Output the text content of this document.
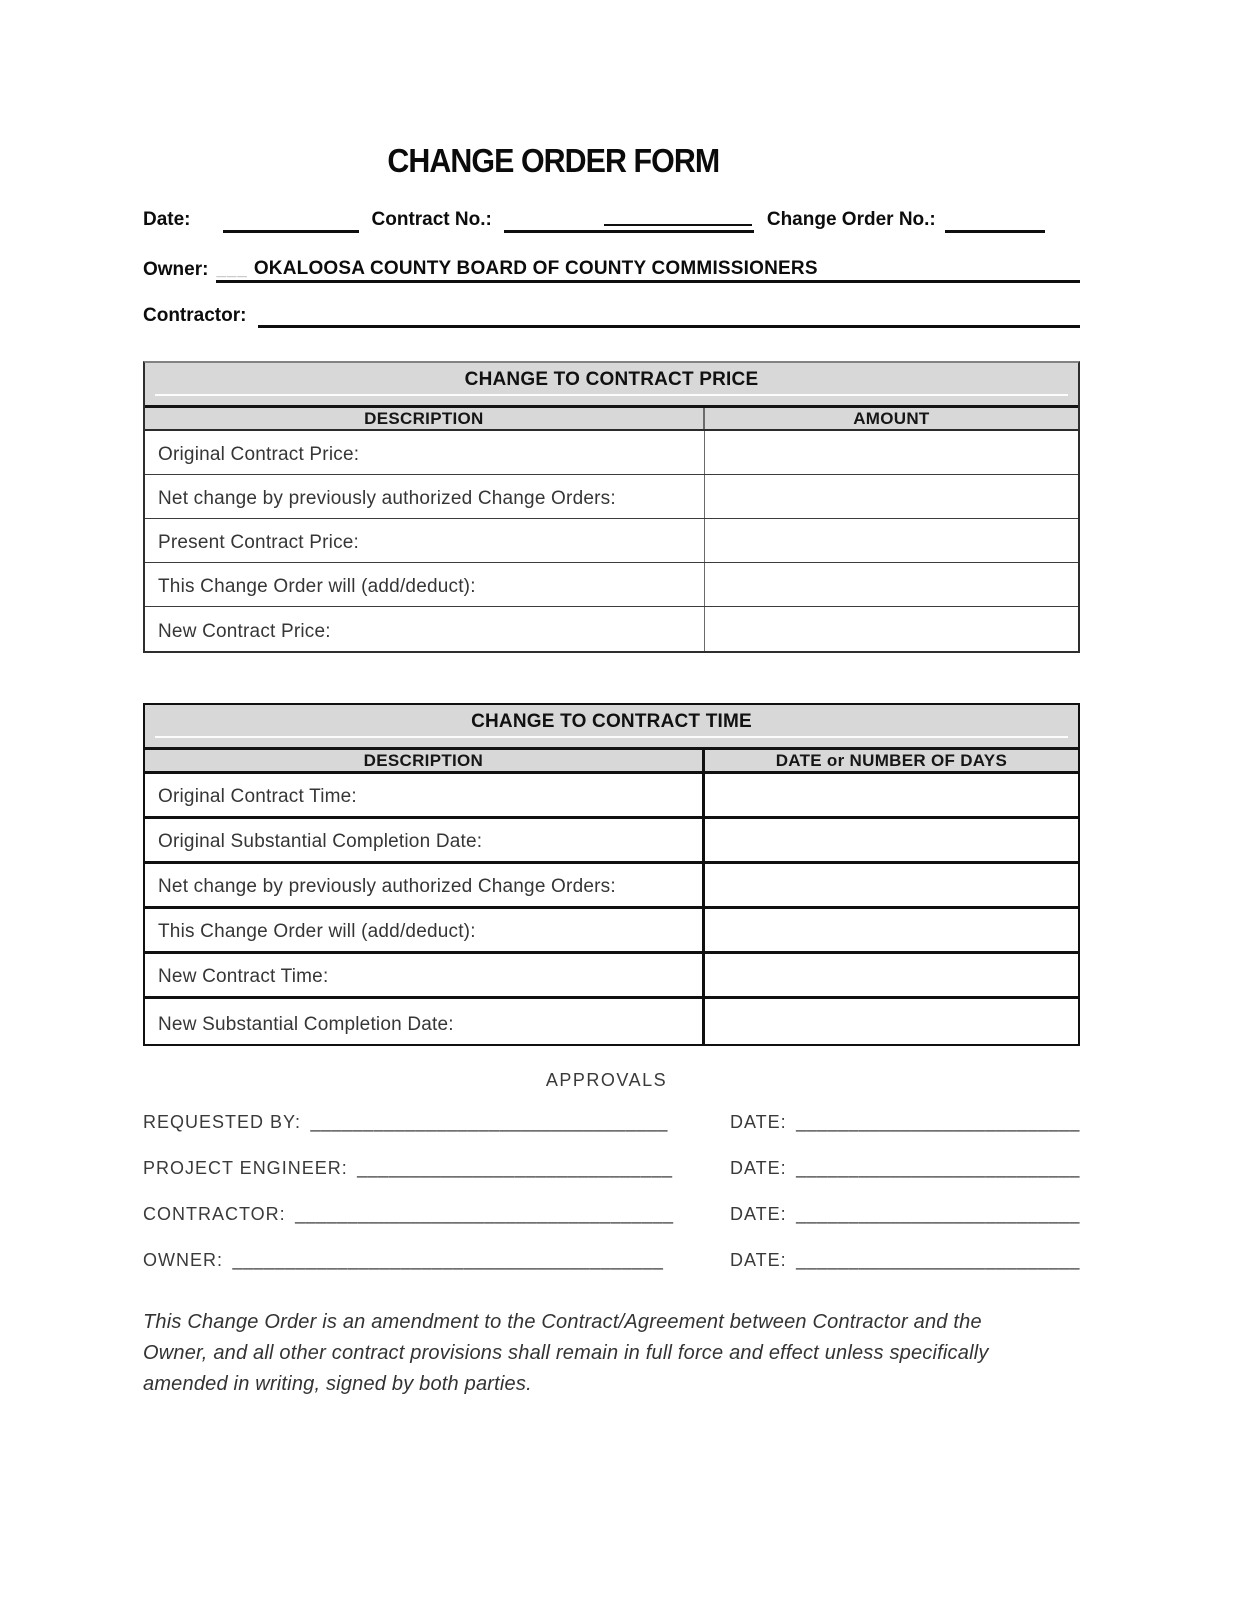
CHANGE ORDER FORM
Date:	Contract No.:	Change Order No.:
Owner: ___ OKALOOSA COUNTY BOARD OF COUNTY COMMISSIONERS
Contractor:
CHANGE TO CONTRACT PRICE
DESCRIPTION	AMOUNT
Original Contract Price:
Net change by previously authorized Change Orders:
Present Contract Price:
This Change Order will (add/deduct):
New Contract Price:
CHANGE TO CONTRACT TIME
DESCRIPTION	DATE or NUMBER OF DAYS
Original Contract Time:
Original Substantial Completion Date:
Net change by previously authorized Change Orders:
This Change Order will (add/deduct):
New Contract Time:
New Substantial Completion Date:
APPROVALS
REQUESTED BY: __________________________________	DATE: ___________________________
PROJECT ENGINEER: ______________________________	DATE: ___________________________
CONTRACTOR: ____________________________________	DATE: ___________________________
OWNER: _________________________________________	DATE: ___________________________
This Change Order is an amendment to the Contract/Agreement between Contractor and the
Owner, and all other contract provisions shall remain in full force and effect unless specifically
amended in writing, signed by both parties.
